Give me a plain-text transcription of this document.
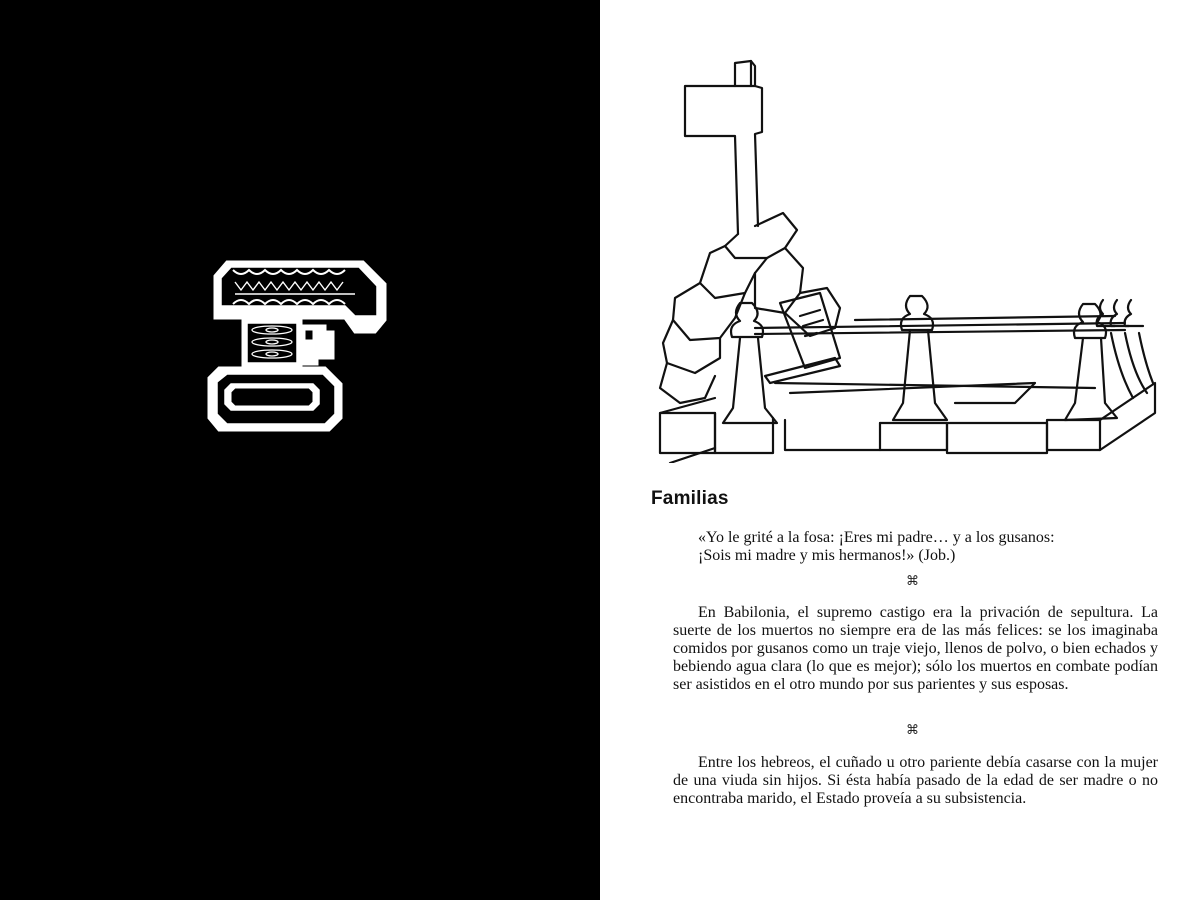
Familias
«Yo le grité a la fosa: ¡Eres mi padre… y a los gusanos:
¡Sois mi madre y mis hermanos!» (Job.)
⌘
En Babilonia, el supremo castigo era la privación de sepultura. La suerte de los muertos no siempre era de las más felices: se los imaginaba comidos por gusanos como un traje viejo, llenos de polvo, o bien echados y bebiendo agua clara (lo que es mejor); sólo los muertos en combate podían ser asistidos en el otro mundo por sus parientes y sus esposas.
⌘
Entre los hebreos, el cuñado u otro pariente debía casarse con la mujer de una viuda sin hijos. Si ésta había pasado de la edad de ser madre o no encontraba marido, el Estado proveía a su subsistencia.
